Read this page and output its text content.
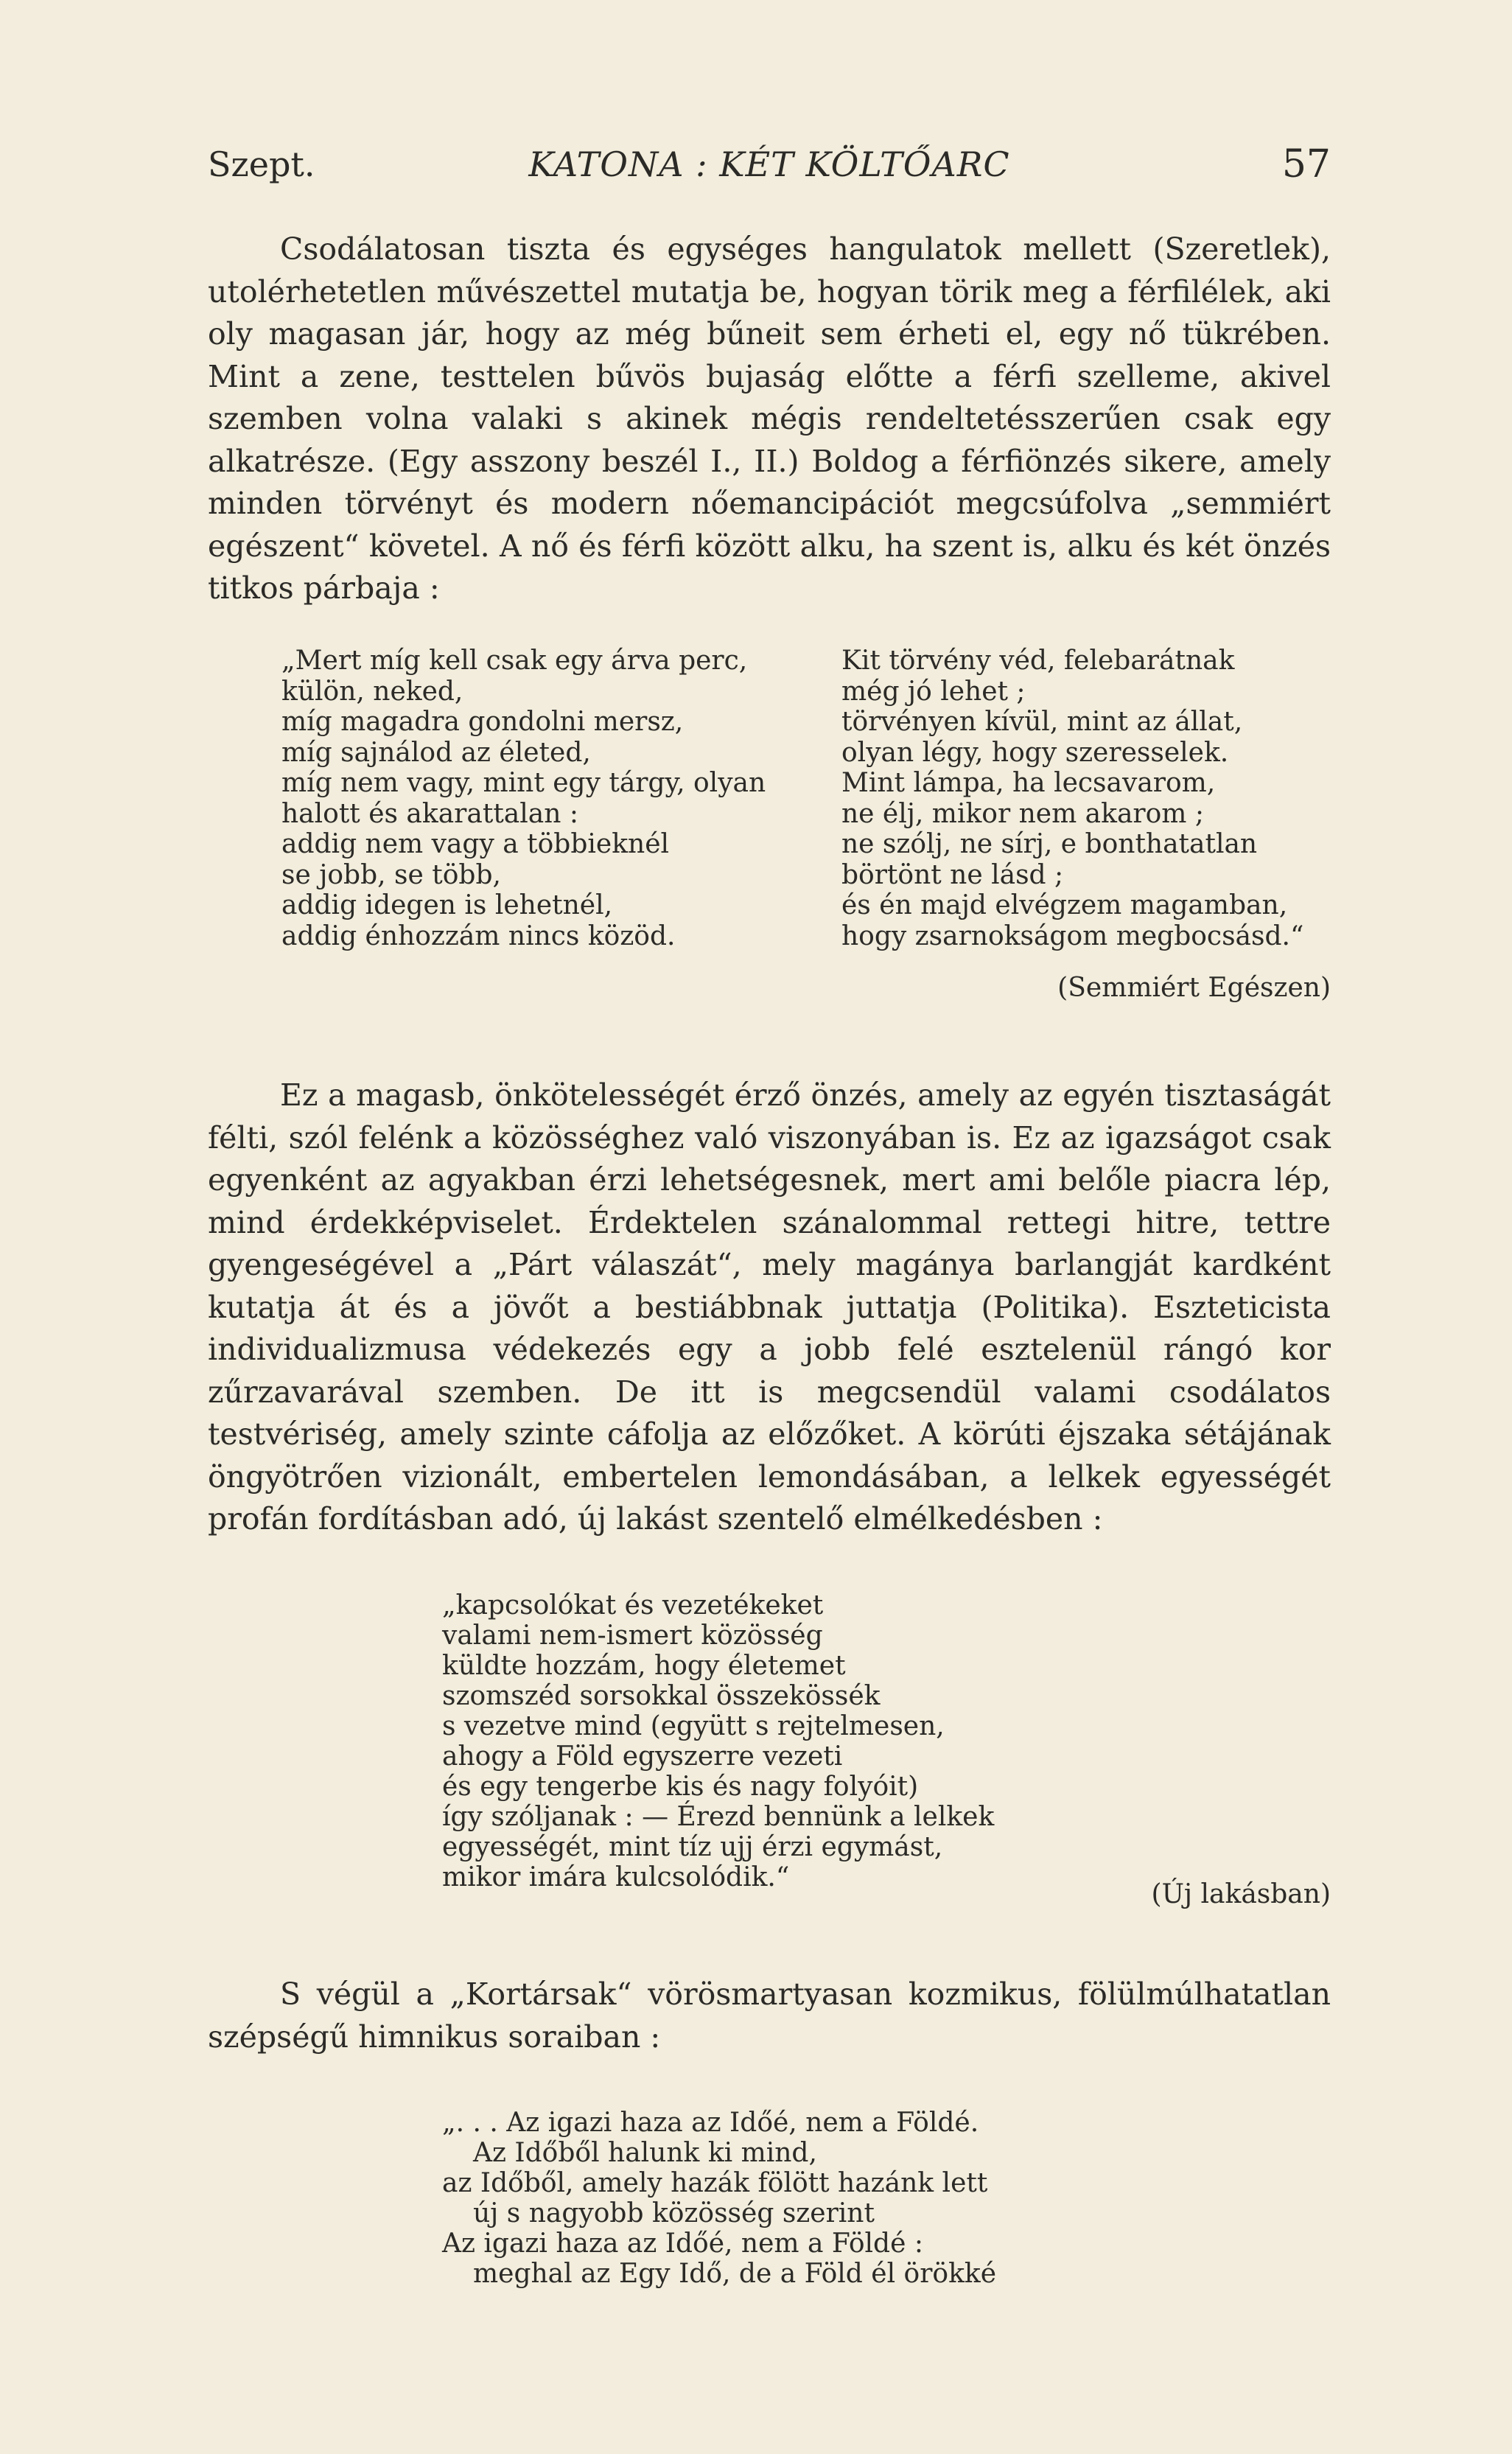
Szept.	KATONA : KÉT KÖLTŐARC	57

Csodálatosan tiszta és egységes hangulatok mellett (Szeretlek), utolérhetetlen művészettel mutatja be, hogyan törik meg a férfilélek, aki oly magasan jár, hogy az még bűneit sem érheti el, egy nő tükrében. Mint a zene, testtelen bűvös bujaság előtte a férfi szelleme, akivel szemben volna valaki s akinek mégis rendeltetésszerűen csak egy alkatrésze. (Egy asszony beszél I., II.) Boldog a férfiönzés sikere, amely minden törvényt és modern nőemancipációt megcsúfolva „semmiért egészent“ követel. A nő és férfi között alku, ha szent is, alku és két önzés titkos párbaja :

„Mert míg kell csak egy árva perc,
külön, neked,
míg magadra gondolni mersz,
míg sajnálod az életed,
míg nem vagy, mint egy tárgy, olyan
halott és akarattalan :
addig nem vagy a többieknél
se jobb, se több,
addig idegen is lehetnél,
addig énhozzám nincs közöd.
Kit törvény véd, felebarátnak
még jó lehet ;
törvényen kívül, mint az állat,
olyan légy, hogy szeresselek.
Mint lámpa, ha lecsavarom,
ne élj, mikor nem akarom ;
ne szólj, ne sírj, e bonthatatlan
börtönt ne lásd ;
és én majd elvégzem magamban,
hogy zsarnokságom megbocsásd.“
(Semmiért Egészen)

Ez a magasb, önkötelességét érző önzés, amely az egyén tisztaságát félti, szól felénk a közösséghez való viszonyában is. Ez az igazságot csak egyenként az agyakban érzi lehetségesnek, mert ami belőle piacra lép, mind érdekképviselet. Érdektelen szánalommal rettegi hitre, tettre gyengeségével a „Párt válaszát“, mely magánya barlangját kardként kutatja át és a jövőt a bestiábbnak juttatja (Politika). Eszteticista individualizmusa védekezés egy a jobb felé esztelenül rángó kor zűrzavarával szemben. De itt is megcsendül valami csodálatos testvériség, amely szinte cáfolja az előzőket. A körúti éjszaka sétájának öngyötrően vizionált, embertelen lemondásában, a lelkek egyességét profán fordításban adó, új lakást szentelő elmélkedésben :

„kapcsolókat és vezetékeket
valami nem-ismert közösség
küldte hozzám, hogy életemet
szomszéd sorsokkal összekössék
s vezetve mind (együtt s rejtelmesen,
ahogy a Föld egyszerre vezeti
és egy tengerbe kis és nagy folyóit)
így szóljanak : — Érezd bennünk a lelkek
egyességét, mint tíz ujj érzi egymást,
mikor imára kulcsolódik.“
(Új lakásban)

S végül a „Kortársak“ vörösmartyasan kozmikus, fölülmúlhatatlan szépségű himnikus soraiban :

„. . . Az igazi haza az Időé, nem a Földé.
Az Időből halunk ki mind,
az Időből, amely hazák fölött hazánk lett
új s nagyobb közösség szerint
Az igazi haza az Időé, nem a Földé :
meghal az Egy Idő, de a Föld él örökké
